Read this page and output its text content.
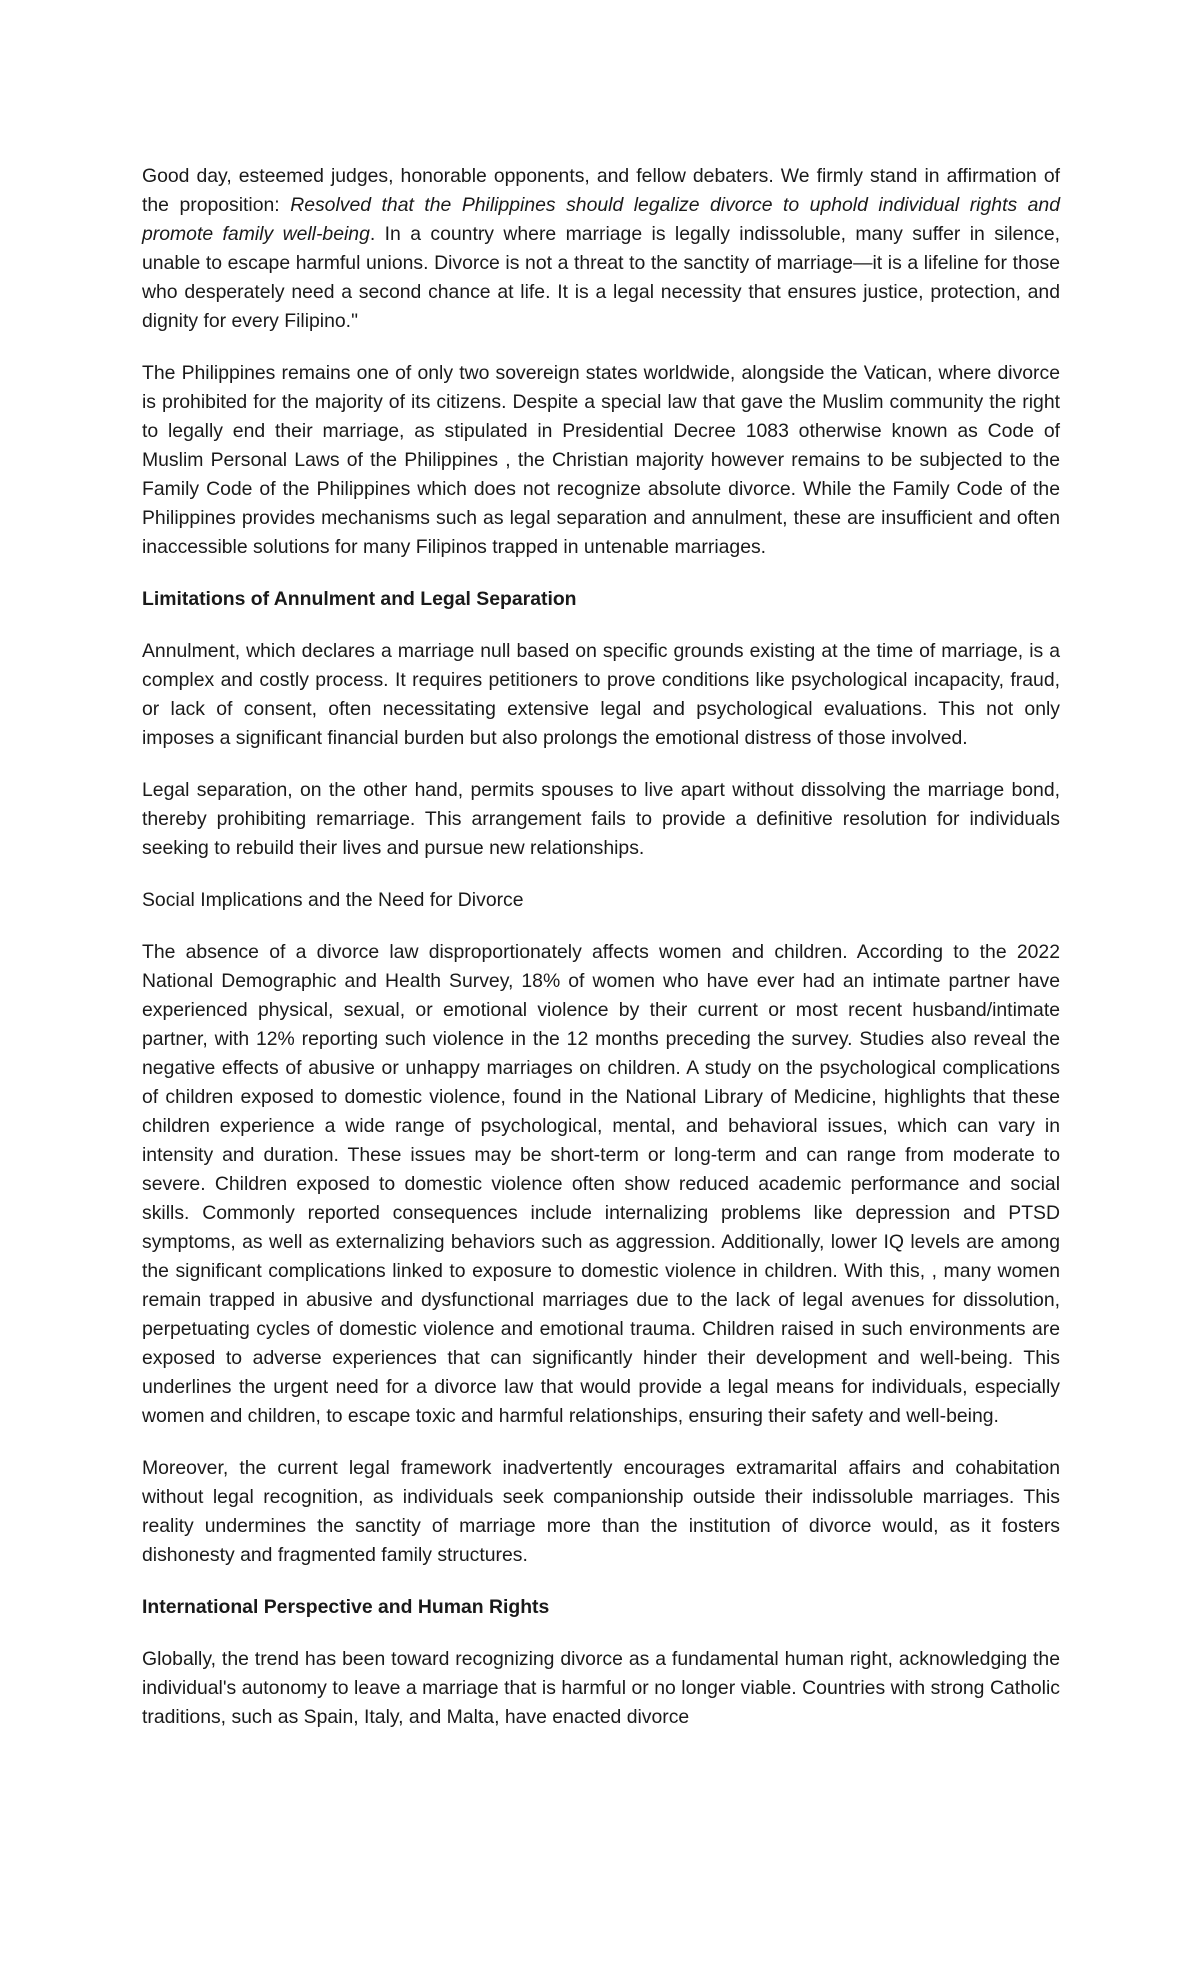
Good day, esteemed judges, honorable opponents, and fellow debaters. We firmly stand in affirmation of the proposition: Resolved that the Philippines should legalize divorce to uphold individual rights and promote family well-being. In a country where marriage is legally indissoluble, many suffer in silence, unable to escape harmful unions. Divorce is not a threat to the sanctity of marriage—it is a lifeline for those who desperately need a second chance at life. It is a legal necessity that ensures justice, protection, and dignity for every Filipino."

The Philippines remains one of only two sovereign states worldwide, alongside the Vatican, where divorce is prohibited for the majority of its citizens. Despite a special law that gave the Muslim community the right to legally end their marriage, as stipulated in Presidential Decree 1083 otherwise known as Code of Muslim Personal Laws of the Philippines , the Christian majority however remains to be subjected to the Family Code of the Philippines which does not recognize absolute divorce. While the Family Code of the Philippines provides mechanisms such as legal separation and annulment, these are insufficient and often inaccessible solutions for many Filipinos trapped in untenable marriages.

Limitations of Annulment and Legal Separation

Annulment, which declares a marriage null based on specific grounds existing at the time of marriage, is a complex and costly process. It requires petitioners to prove conditions like psychological incapacity, fraud, or lack of consent, often necessitating extensive legal and psychological evaluations. This not only imposes a significant financial burden but also prolongs the emotional distress of those involved.

Legal separation, on the other hand, permits spouses to live apart without dissolving the marriage bond, thereby prohibiting remarriage. This arrangement fails to provide a definitive resolution for individuals seeking to rebuild their lives and pursue new relationships.

Social Implications and the Need for Divorce

The absence of a divorce law disproportionately affects women and children. According to the 2022 National Demographic and Health Survey, 18% of women who have ever had an intimate partner have experienced physical, sexual, or emotional violence by their current or most recent husband/intimate partner, with 12% reporting such violence in the 12 months preceding the survey. Studies also reveal the negative effects of abusive or unhappy marriages on children. A study on the psychological complications of children exposed to domestic violence, found in the National Library of Medicine, highlights that these children experience a wide range of psychological, mental, and behavioral issues, which can vary in intensity and duration. These issues may be short-term or long-term and can range from moderate to severe. Children exposed to domestic violence often show reduced academic performance and social skills. Commonly reported consequences include internalizing problems like depression and PTSD symptoms, as well as externalizing behaviors such as aggression. Additionally, lower IQ levels are among the significant complications linked to exposure to domestic violence in children. With this, , many women remain trapped in abusive and dysfunctional marriages due to the lack of legal avenues for dissolution, perpetuating cycles of domestic violence and emotional trauma. Children raised in such environments are exposed to adverse experiences that can significantly hinder their development and well-being. This underlines the urgent need for a divorce law that would provide a legal means for individuals, especially women and children, to escape toxic and harmful relationships, ensuring their safety and well-being.

Moreover, the current legal framework inadvertently encourages extramarital affairs and cohabitation without legal recognition, as individuals seek companionship outside their indissoluble marriages. This reality undermines the sanctity of marriage more than the institution of divorce would, as it fosters dishonesty and fragmented family structures.

International Perspective and Human Rights

Globally, the trend has been toward recognizing divorce as a fundamental human right, acknowledging the individual's autonomy to leave a marriage that is harmful or no longer viable. Countries with strong Catholic traditions, such as Spain, Italy, and Malta, have enacted divorce
